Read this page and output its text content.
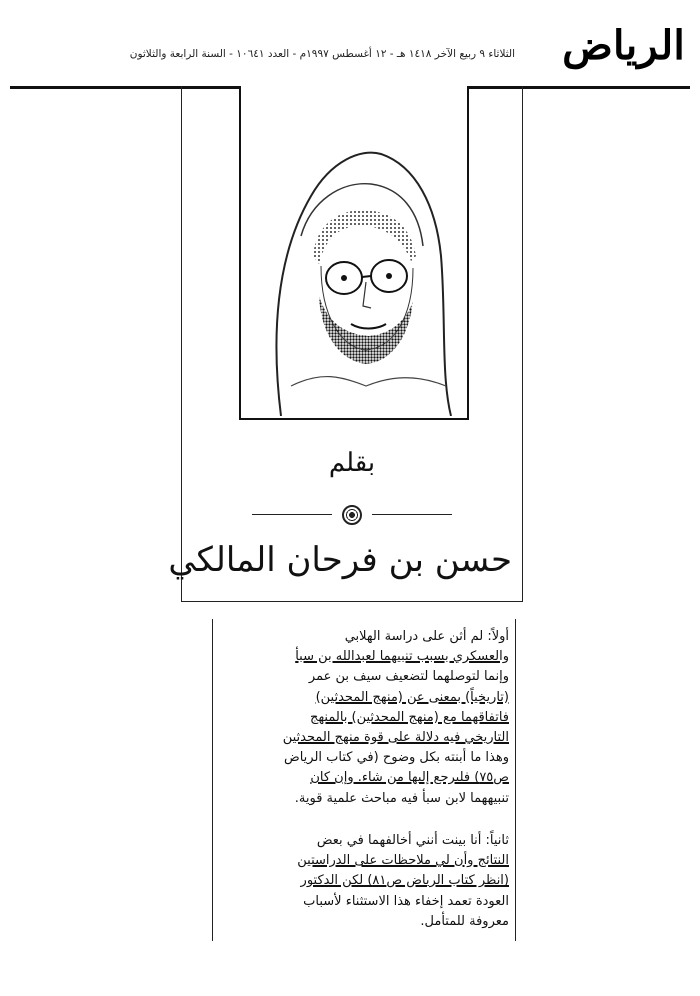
الرياض
الثلاثاء ٩ ربيع الآخر ١٤١٨ هـ - ١٢ أغسطس ١٩٩٧م - العدد ١٠٦٤١ - السنة الرابعة والثلاثون
بقلم
حسن بن فرحان المالكي
أولاً: لم أثن على دراسة الهلابي
والعسكري بسبب تنبيهما لعبدالله بن سبأ
وإنما لتوصلهما لتضعيف سيف بن عمر
(تاريخياً) بمعنى عن (منهج المحدثين)
فاتفاقهما مع (منهج المحدثين) بالمنهج
التاريخي فيه دلالة على قوة منهج المحدثين
وهذا ما أبنته بكل وضوح (في كتاب الرياض
ص٧٥) فليرجع إليها من شاء. وإن كان
تنبيههما لابن سبأ فيه مباحث علمية قوية.
ثانياً: أنا بينت أنني أخالفهما في بعض
النتائج وأن لي ملاحظات على الدراستين
(انظر كتاب الرياض ص٨١) لكن الدكتور
العودة تعمد إخفاء هذا الاستثناء لأسباب
معروفة للمتأمل.
